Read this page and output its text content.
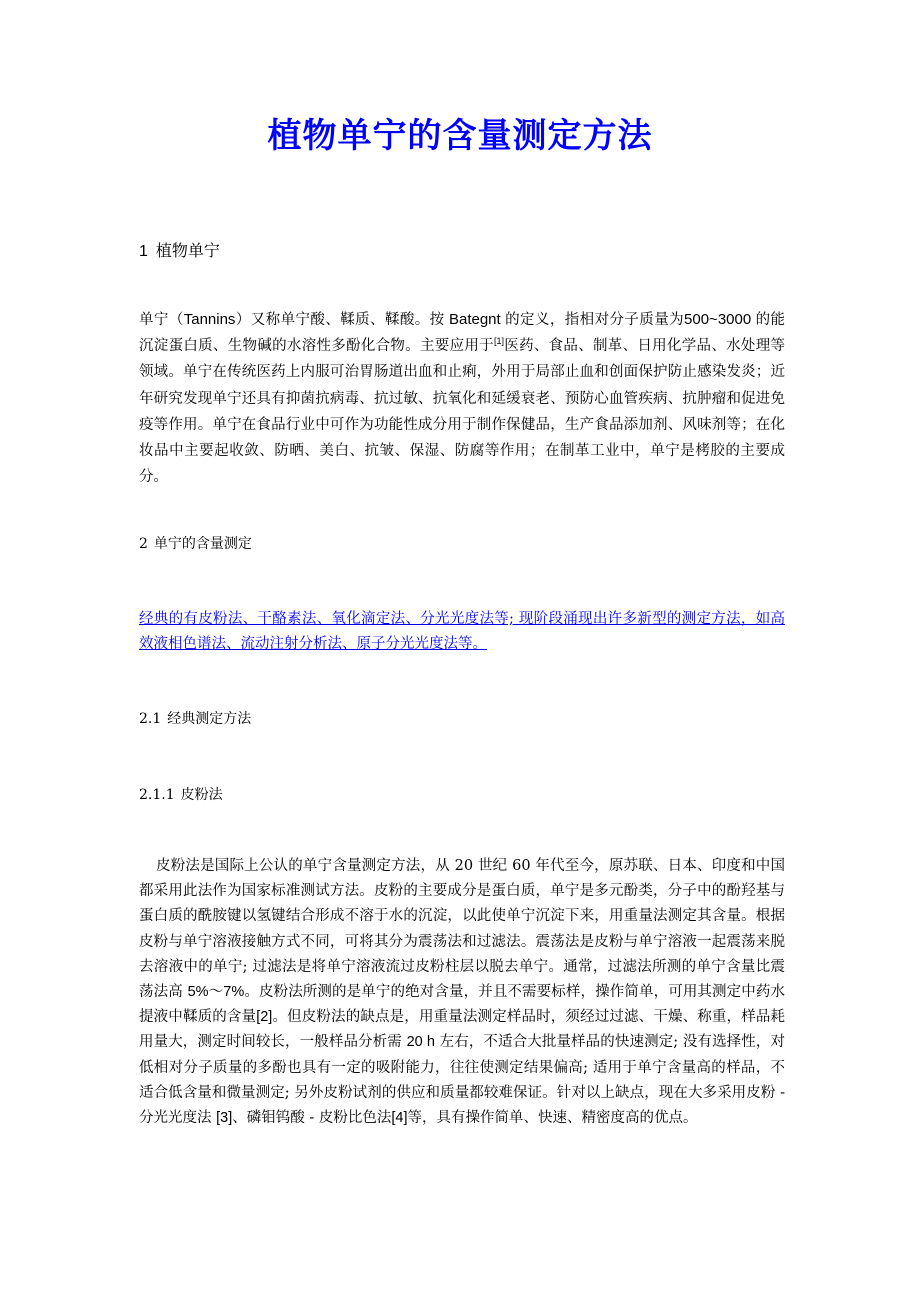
植物单宁的含量测定方法
1 植物单宁
单宁（Tannins）又称单宁酸、鞣质、鞣酸。按 Bategnt 的定义，指相对分子质量为500~3000 的能沉淀蛋白质、生物碱的水溶性多酚化合物。主要应用于[1]医药、食品、制革、日用化学品、水处理等领域。单宁在传统医药上内服可治胃肠道出血和止痢，外用于局部止血和创面保护防止感染发炎；近年研究发现单宁还具有抑菌抗病毒、抗过敏、抗氧化和延缓衰老、预防心血管疾病、抗肿瘤和促进免疫等作用。单宁在食品行业中可作为功能性成分用于制作保健品，生产食品添加剂、风味剂等；在化妆品中主要起收敛、防晒、美白、抗皱、保湿、防腐等作用；在制革工业中，单宁是栲胶的主要成分。
2 单宁的含量测定
经典的有皮粉法、干酪素法、氧化滴定法、分光光度法等; 现阶段涌现出许多新型的测定方法，如高效液相色谱法、流动注射分析法、原子分光光度法等。
2.1 经典测定方法
2.1.1 皮粉法
皮粉法是国际上公认的单宁含量测定方法，从 20 世纪 60 年代至今，原苏联、日本、印度和中国都采用此法作为国家标准测试方法。皮粉的主要成分是蛋白质，单宁是多元酚类，分子中的酚羟基与蛋白质的酰胺键以氢键结合形成不溶于水的沉淀，以此使单宁沉淀下来，用重量法测定其含量。根据皮粉与单宁溶液接触方式不同，可将其分为震荡法和过滤法。震荡法是皮粉与单宁溶液一起震荡来脱去溶液中的单宁; 过滤法是将单宁溶液流过皮粉柱层以脱去单宁。通常，过滤法所测的单宁含量比震荡法高 5%～7%。皮粉法所测的是单宁的绝对含量，并且不需要标样，操作简单，可用其测定中药水提液中鞣质的含量[2]。但皮粉法的缺点是，用重量法测定样品时，须经过过滤、干燥、称重，样品耗用量大，测定时间较长，一般样品分析需 20 h 左右，不适合大批量样品的快速测定; 没有选择性，对低相对分子质量的多酚也具有一定的吸附能力，往往使测定结果偏高; 适用于单宁含量高的样品，不适合低含量和微量测定; 另外皮粉试剂的供应和质量都较难保证。针对以上缺点，现在大多采用皮粉 - 分光光度法 [3]、磷钼钨酸 - 皮粉比色法[4]等，具有操作简单、快速、精密度高的优点。
